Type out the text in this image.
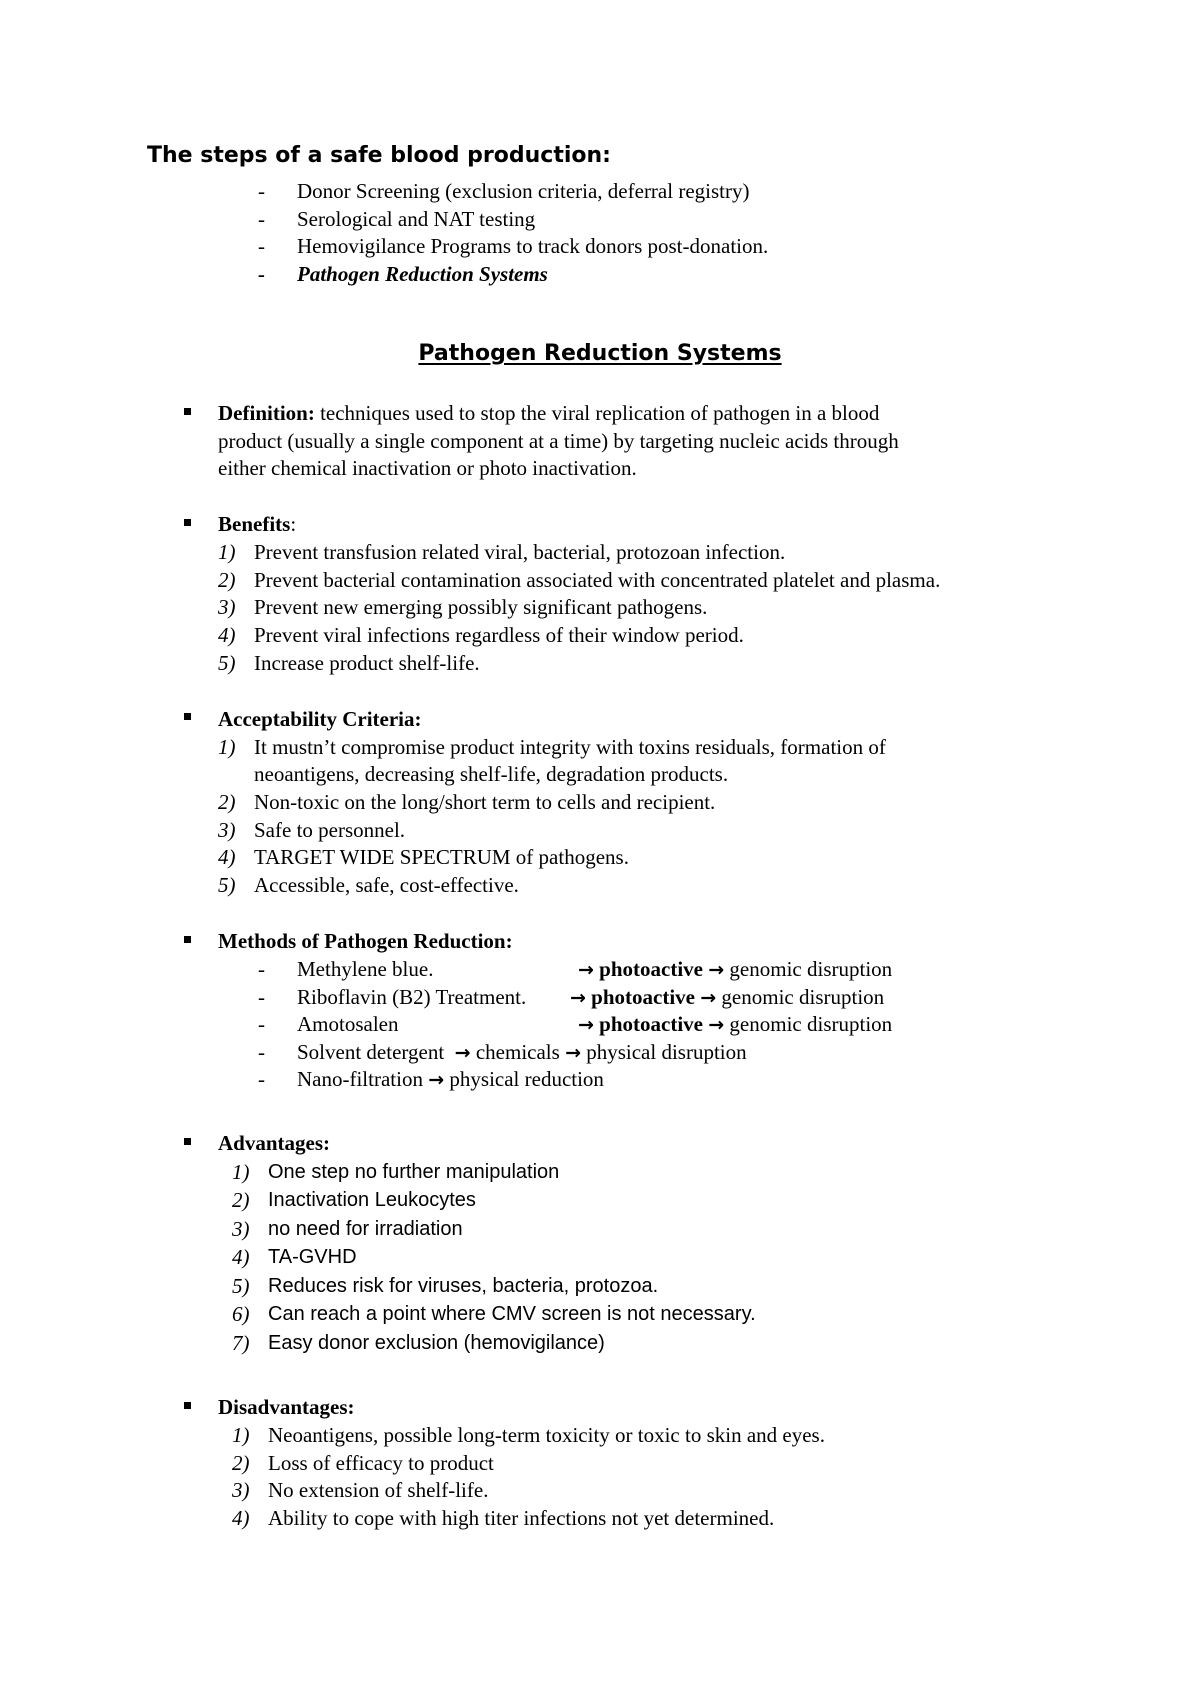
The steps of a safe blood production:
- Donor Screening (exclusion criteria, deferral registry)
- Serological and NAT testing
- Hemovigilance Programs to track donors post-donation.
- Pathogen Reduction Systems
Pathogen Reduction Systems
Definition: techniques used to stop the viral replication of pathogen in a blood
product (usually a single component at a time) by targeting nucleic acids through
either chemical inactivation or photo inactivation.
Benefits:
1) Prevent transfusion related viral, bacterial, protozoan infection.
2) Prevent bacterial contamination associated with concentrated platelet and plasma.
3) Prevent new emerging possibly significant pathogens.
4) Prevent viral infections regardless of their window period.
5) Increase product shelf-life.
Acceptability Criteria:
1) It mustn’t compromise product integrity with toxins residuals, formation of
neoantigens, decreasing shelf-life, degradation products.
2) Non-toxic on the long/short term to cells and recipient.
3) Safe to personnel.
4) TARGET WIDE SPECTRUM of pathogens.
5) Accessible, safe, cost-effective.
Methods of Pathogen Reduction:
- Methylene blue.	→ photoactive → genomic disruption
- Riboflavin (B2) Treatment. → photoactive → genomic disruption
- Amotosalen	→ photoactive → genomic disruption
- Solvent detergent → chemicals → physical disruption
- Nano-filtration → physical reduction
Advantages:
1) One step no further manipulation
2) Inactivation Leukocytes
3) no need for irradiation
4) TA-GVHD
5) Reduces risk for viruses, bacteria, protozoa.
6) Can reach a point where CMV screen is not necessary.
7) Easy donor exclusion (hemovigilance)
Disadvantages:
1) Neoantigens, possible long-term toxicity or toxic to skin and eyes.
2) Loss of efficacy to product
3) No extension of shelf-life.
4) Ability to cope with high titer infections not yet determined.
